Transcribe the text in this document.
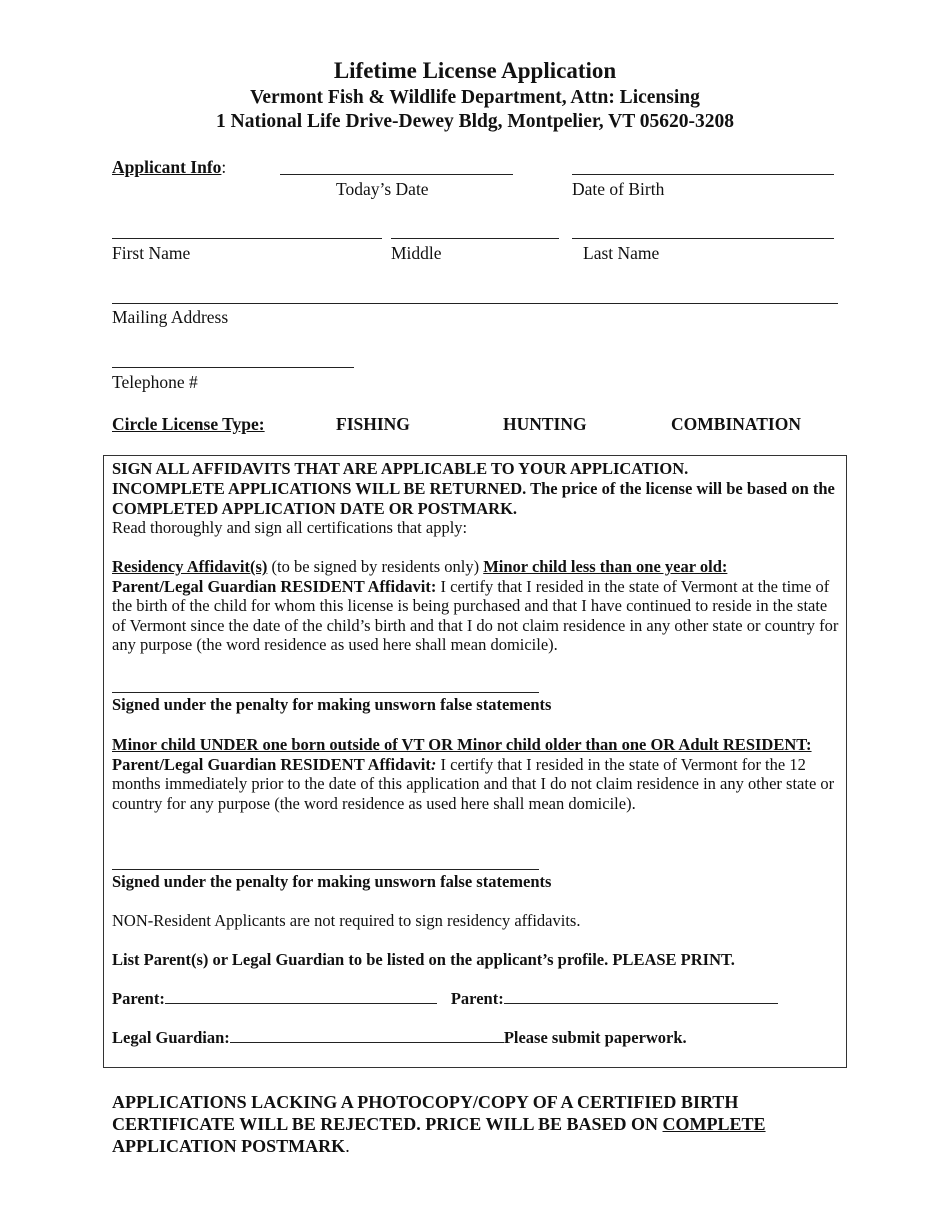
Lifetime License Application
Vermont Fish & Wildlife Department, Attn: Licensing
1 National Life Drive-Dewey Bldg, Montpelier, VT 05620-3208
Applicant Info:
Today’s Date	Date of Birth
First Name	Middle	Last Name
Mailing Address
Telephone #
Circle License Type:	FISHING	HUNTING	COMBINATION
SIGN ALL AFFIDAVITS THAT ARE APPLICABLE TO YOUR APPLICATION.
INCOMPLETE APPLICATIONS WILL BE RETURNED. The price of the license will be based on the COMPLETED APPLICATION DATE OR POSTMARK.
Read thoroughly and sign all certifications that apply:
Residency Affidavit(s) (to be signed by residents only) Minor child less than one year old:
Parent/Legal Guardian RESIDENT Affidavit: I certify that I resided in the state of Vermont at the time of the birth of the child for whom this license is being purchased and that I have continued to reside in the state of Vermont since the date of the child’s birth and that I do not claim residence in any other state or country for any purpose (the word residence as used here shall mean domicile).
Signed under the penalty for making unsworn false statements
Minor child UNDER one born outside of VT OR Minor child older than one OR Adult RESIDENT: Parent/Legal Guardian RESIDENT Affidavit: I certify that I resided in the state of Vermont for the 12 months immediately prior to the date of this application and that I do not claim residence in any other state or country for any purpose (the word residence as used here shall mean domicile).
Signed under the penalty for making unsworn false statements
NON-Resident Applicants are not required to sign residency affidavits.
List Parent(s) or Legal Guardian to be listed on the applicant’s profile. PLEASE PRINT.
Parent:	Parent:
Legal Guardian:	Please submit paperwork.
APPLICATIONS LACKING A PHOTOCOPY/COPY OF A CERTIFIED BIRTH CERTIFICATE WILL BE REJECTED. PRICE WILL BE BASED ON COMPLETE APPLICATION POSTMARK.
